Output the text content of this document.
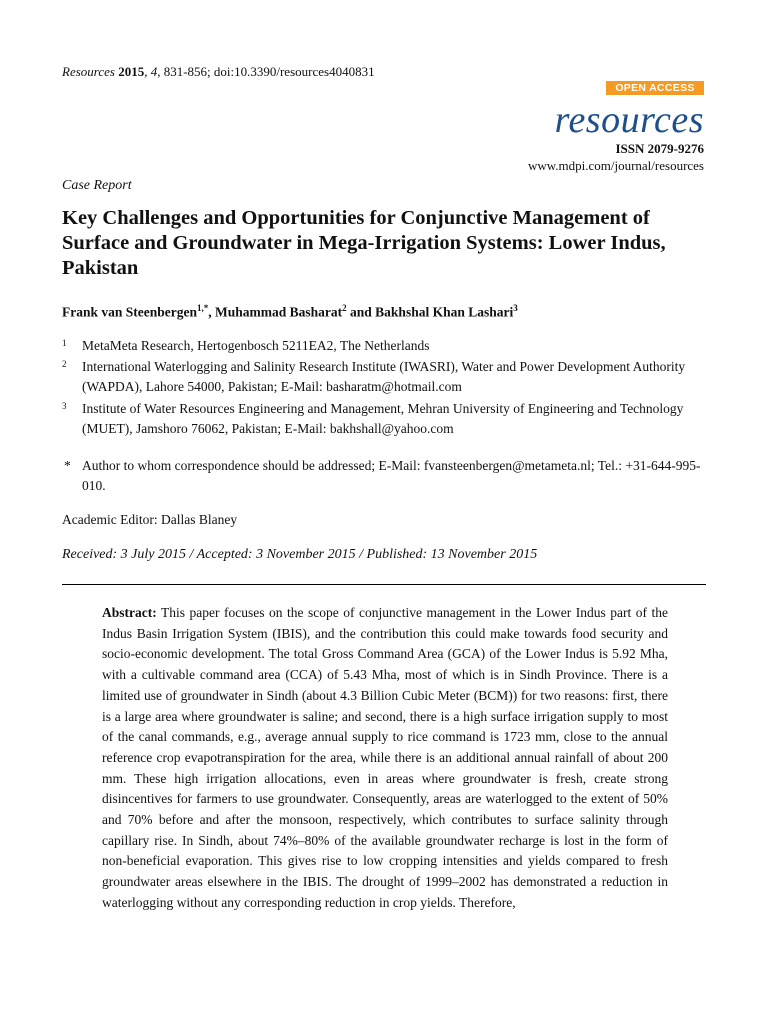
Resources 2015, 4, 831-856; doi:10.3390/resources4040831
OPEN ACCESS
resources
ISSN 2079-9276
www.mdpi.com/journal/resources
Case Report
Key Challenges and Opportunities for Conjunctive Management of Surface and Groundwater in Mega-Irrigation Systems: Lower Indus, Pakistan
Frank van Steenbergen$^{1,*}$, Muhammad Basharat$^2$ and Bakhshal Khan Lashari$^3$
1 MetaMeta Research, Hertogenbosch 5211EA2, The Netherlands
2 International Waterlogging and Salinity Research Institute (IWASRI), Water and Power Development Authority (WAPDA), Lahore 54000, Pakistan; E-Mail: basharatm@hotmail.com
3 Institute of Water Resources Engineering and Management, Mehran University of Engineering and Technology (MUET), Jamshoro 76062, Pakistan; E-Mail: bakhshall@yahoo.com
* Author to whom correspondence should be addressed; E-Mail: fvansteenbergen@metameta.nl; Tel.: +31-644-995-010.
Academic Editor: Dallas Blaney
Received: 3 July 2015 / Accepted: 3 November 2015 / Published: 13 November 2015
Abstract: This paper focuses on the scope of conjunctive management in the Lower Indus part of the Indus Basin Irrigation System (IBIS), and the contribution this could make towards food security and socio-economic development. The total Gross Command Area (GCA) of the Lower Indus is 5.92 Mha, with a cultivable command area (CCA) of 5.43 Mha, most of which is in Sindh Province. There is a limited use of groundwater in Sindh (about 4.3 Billion Cubic Meter (BCM)) for two reasons: first, there is a large area where groundwater is saline; and second, there is a high surface irrigation supply to most of the canal commands, e.g., average annual supply to rice command is 1723 mm, close to the annual reference crop evapotranspiration for the area, while there is an additional annual rainfall of about 200 mm. These high irrigation allocations, even in areas where groundwater is fresh, create strong disincentives for farmers to use groundwater. Consequently, areas are waterlogged to the extent of 50% and 70% before and after the monsoon, respectively, which contributes to surface salinity through capillary rise. In Sindh, about 74%–80% of the available groundwater recharge is lost in the form of non-beneficial evaporation. This gives rise to low cropping intensities and yields compared to fresh groundwater areas elsewhere in the IBIS. The drought of 1999–2002 has demonstrated a reduction in waterlogging without any corresponding reduction in crop yields. Therefore,
